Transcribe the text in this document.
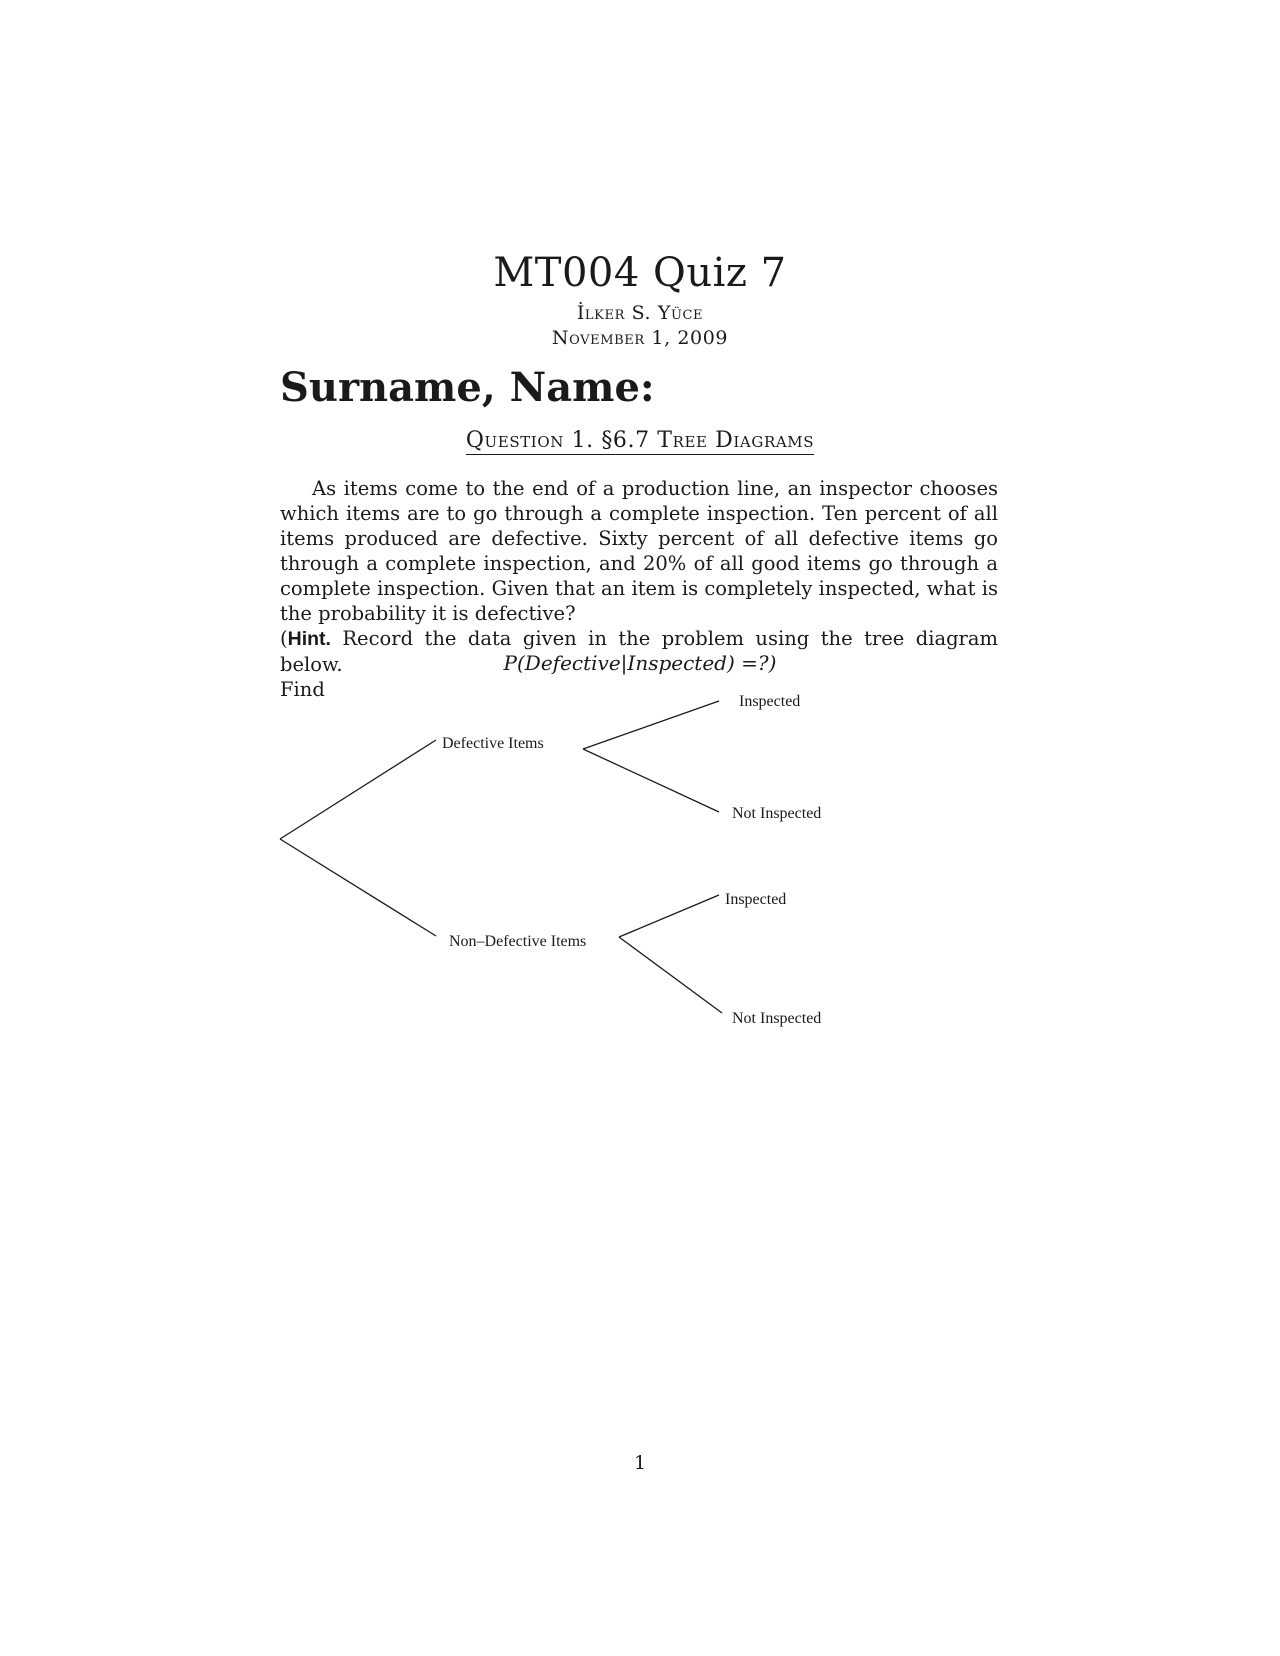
MT004 Quiz 7
İlker S. Yüce
November 1, 2009
Surname, Name:
Question 1. §6.7 Tree Diagrams

As items come to the end of a production line, an inspector chooses which items are to go through a complete inspection. Ten percent of all items produced are defective. Sixty percent of all defective items go through a complete inspection, and 20% of all good items go through a complete inspection. Given that an item is completely inspected, what is the probability it is defective?

(Hint. Record the data given in the problem using the tree diagram below.
Find
P(Defective|Inspected) =?)
Defective Items
Non–Defective Items
Inspected
Not Inspected
Inspected
Not Inspected
1
